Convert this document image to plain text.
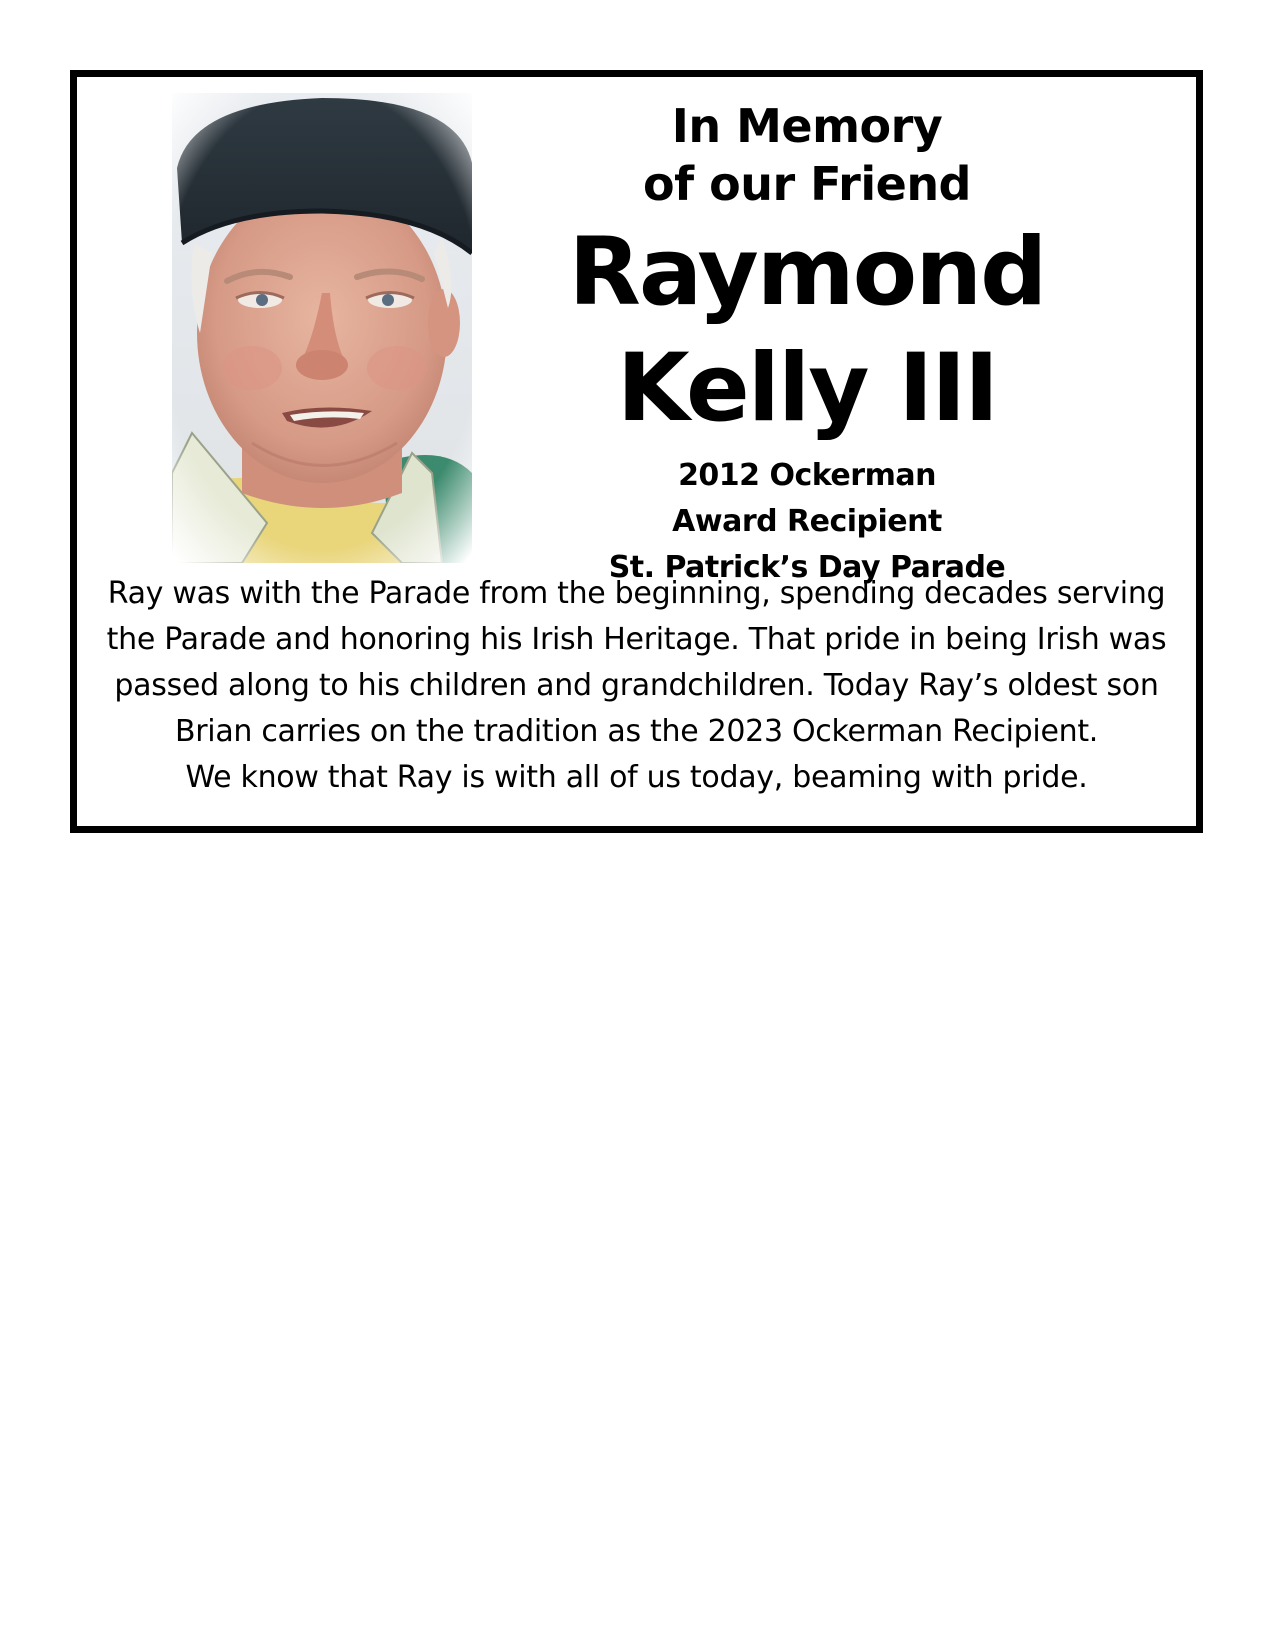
In Memory
of our Friend
Raymond
Kelly III
2012 Ockerman
Award Recipient
St. Patrick’s Day Parade
Ray was with the Parade from the beginning, spending decades serving
the Parade and honoring his Irish Heritage. That pride in being Irish was
passed along to his children and grandchildren. Today Ray’s oldest son
Brian carries on the tradition as the 2023 Ockerman Recipient.
We know that Ray is with all of us today, beaming with pride.
